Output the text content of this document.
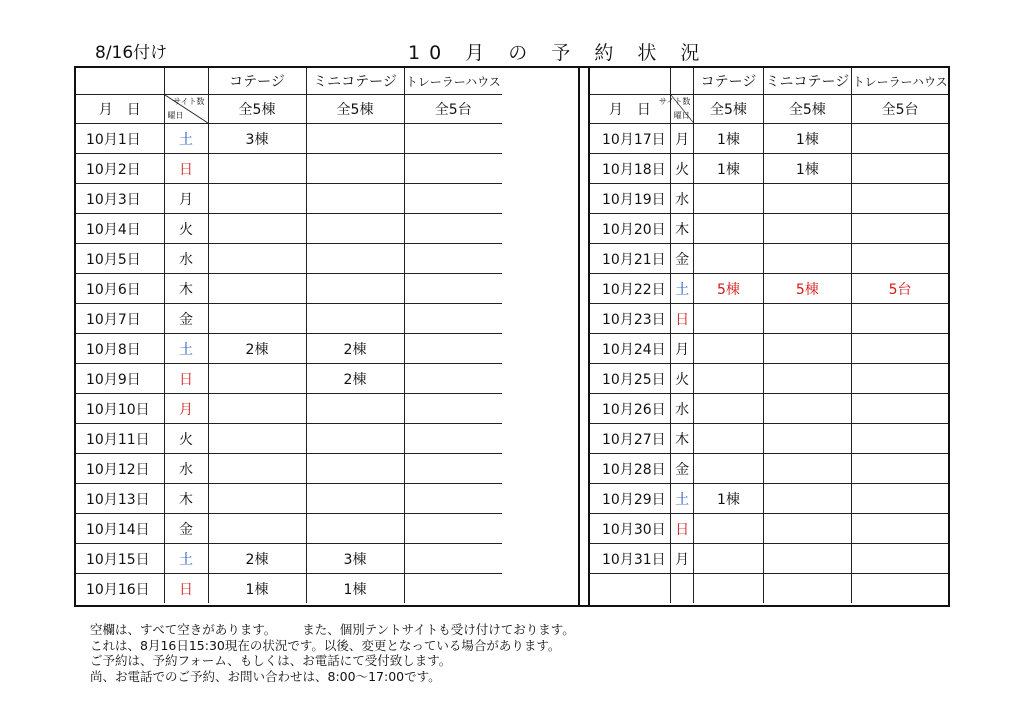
8/16付け	10 月 の 予 約 状 況
		コテージ	ミニコテージ	トレーラーハウス
月　日	サイト数
曜日	全5棟	全5棟	全5台
10月1日	土	3棟		
10月2日	日			
10月3日	月			
10月4日	火			
10月5日	水			
10月6日	木			
10月7日	金			
10月8日	土	2棟	2棟	
10月9日	日		2棟	
10月10日	月			
10月11日	火			
10月12日	水			
10月13日	木			
10月14日	金			
10月15日	土	2棟	3棟	
10月16日	日	1棟	1棟	
		コテージ	ミニコテージ	トレーラーハウス
月　日	サイト数
曜日	全5棟	全5棟	全5台
10月17日	月	1棟	1棟	
10月18日	火	1棟	1棟	
10月19日	水			
10月20日	木			
10月21日	金			
10月22日	土	5棟	5棟	5台
10月23日	日			
10月24日	月			
10月25日	火			
10月26日	水			
10月27日	木			
10月28日	金			
10月29日	土	1棟		
10月30日	日			
10月31日	月			

空欄は、すべて空きがあります。 また、個別テントサイトも受け付けております。
これは、8月16日15:30現在の状況です。以後、変更となっている場合があります。
ご予約は、予約フォーム、もしくは、お電話にて受付致します。
尚、お電話でのご予約、お問い合わせは、8:00～17:00です。
